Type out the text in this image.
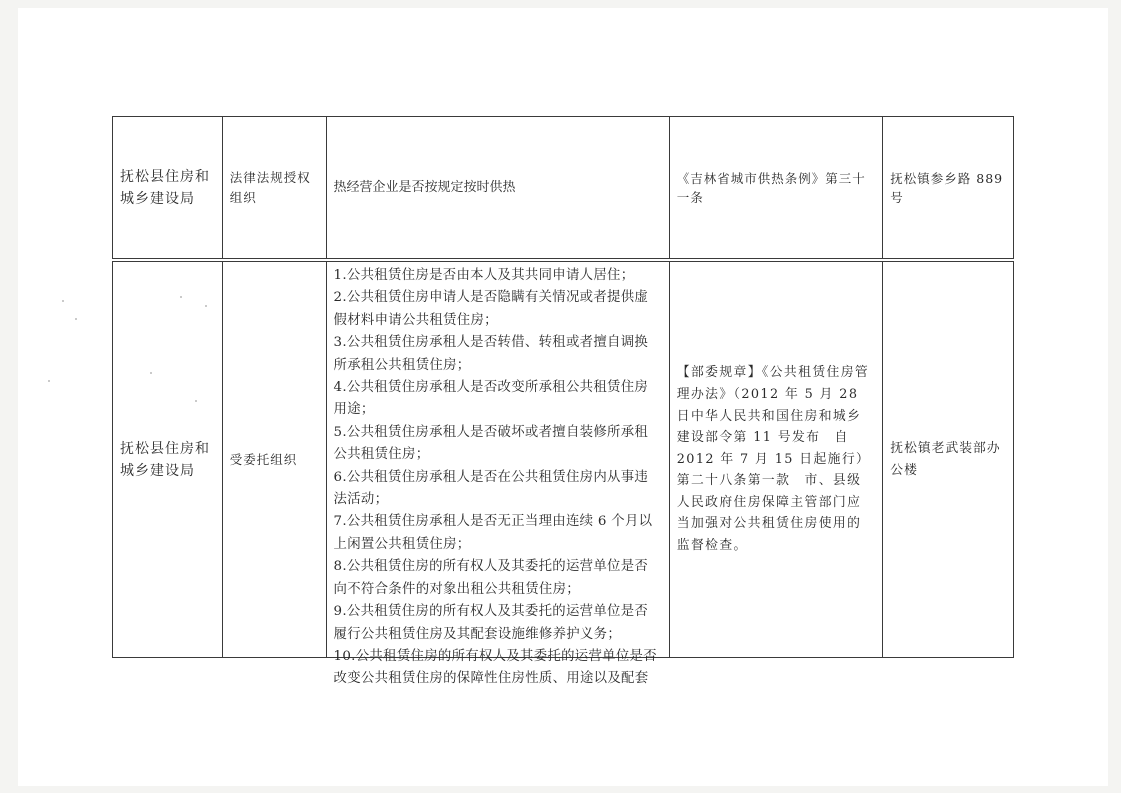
抚松县住房和城乡建设局
法律法规授权组织
热经营企业是否按规定按时供热
《吉林省城市供热条例》第三十一条
抚松镇参乡路 889 号
抚松县住房和城乡建设局
受委托组织
1.公共租赁住房是否由本人及其共同申请人居住；
2.公共租赁住房申请人是否隐瞒有关情况或者提供虚假材料申请公共租赁住房；
3.公共租赁住房承租人是否转借、转租或者擅自调换所承租公共租赁住房；
4.公共租赁住房承租人是否改变所承租公共租赁住房用途；
5.公共租赁住房承租人是否破坏或者擅自装修所承租公共租赁住房；
6.公共租赁住房承租人是否在公共租赁住房内从事违法活动；
7.公共租赁住房承租人是否无正当理由连续 6 个月以上闲置公共租赁住房；
8.公共租赁住房的所有权人及其委托的运营单位是否向不符合条件的对象出租公共租赁住房；
9.公共租赁住房的所有权人及其委托的运营单位是否履行公共租赁住房及其配套设施维修养护义务；
10.公共租赁住房的所有权人及其委托的运营单位是否改变公共租赁住房的保障性住房性质、用途以及配套
【部委规章】《公共租赁住房管理办法》（2012 年 5 月 28 日中华人民共和国住房和城乡建设部令第 11 号发布　自 2012 年 7 月 15 日起施行）第二十八条第一款　市、县级人民政府住房保障主管部门应当加强对公共租赁住房使用的监督检查。
抚松镇老武装部办公楼
